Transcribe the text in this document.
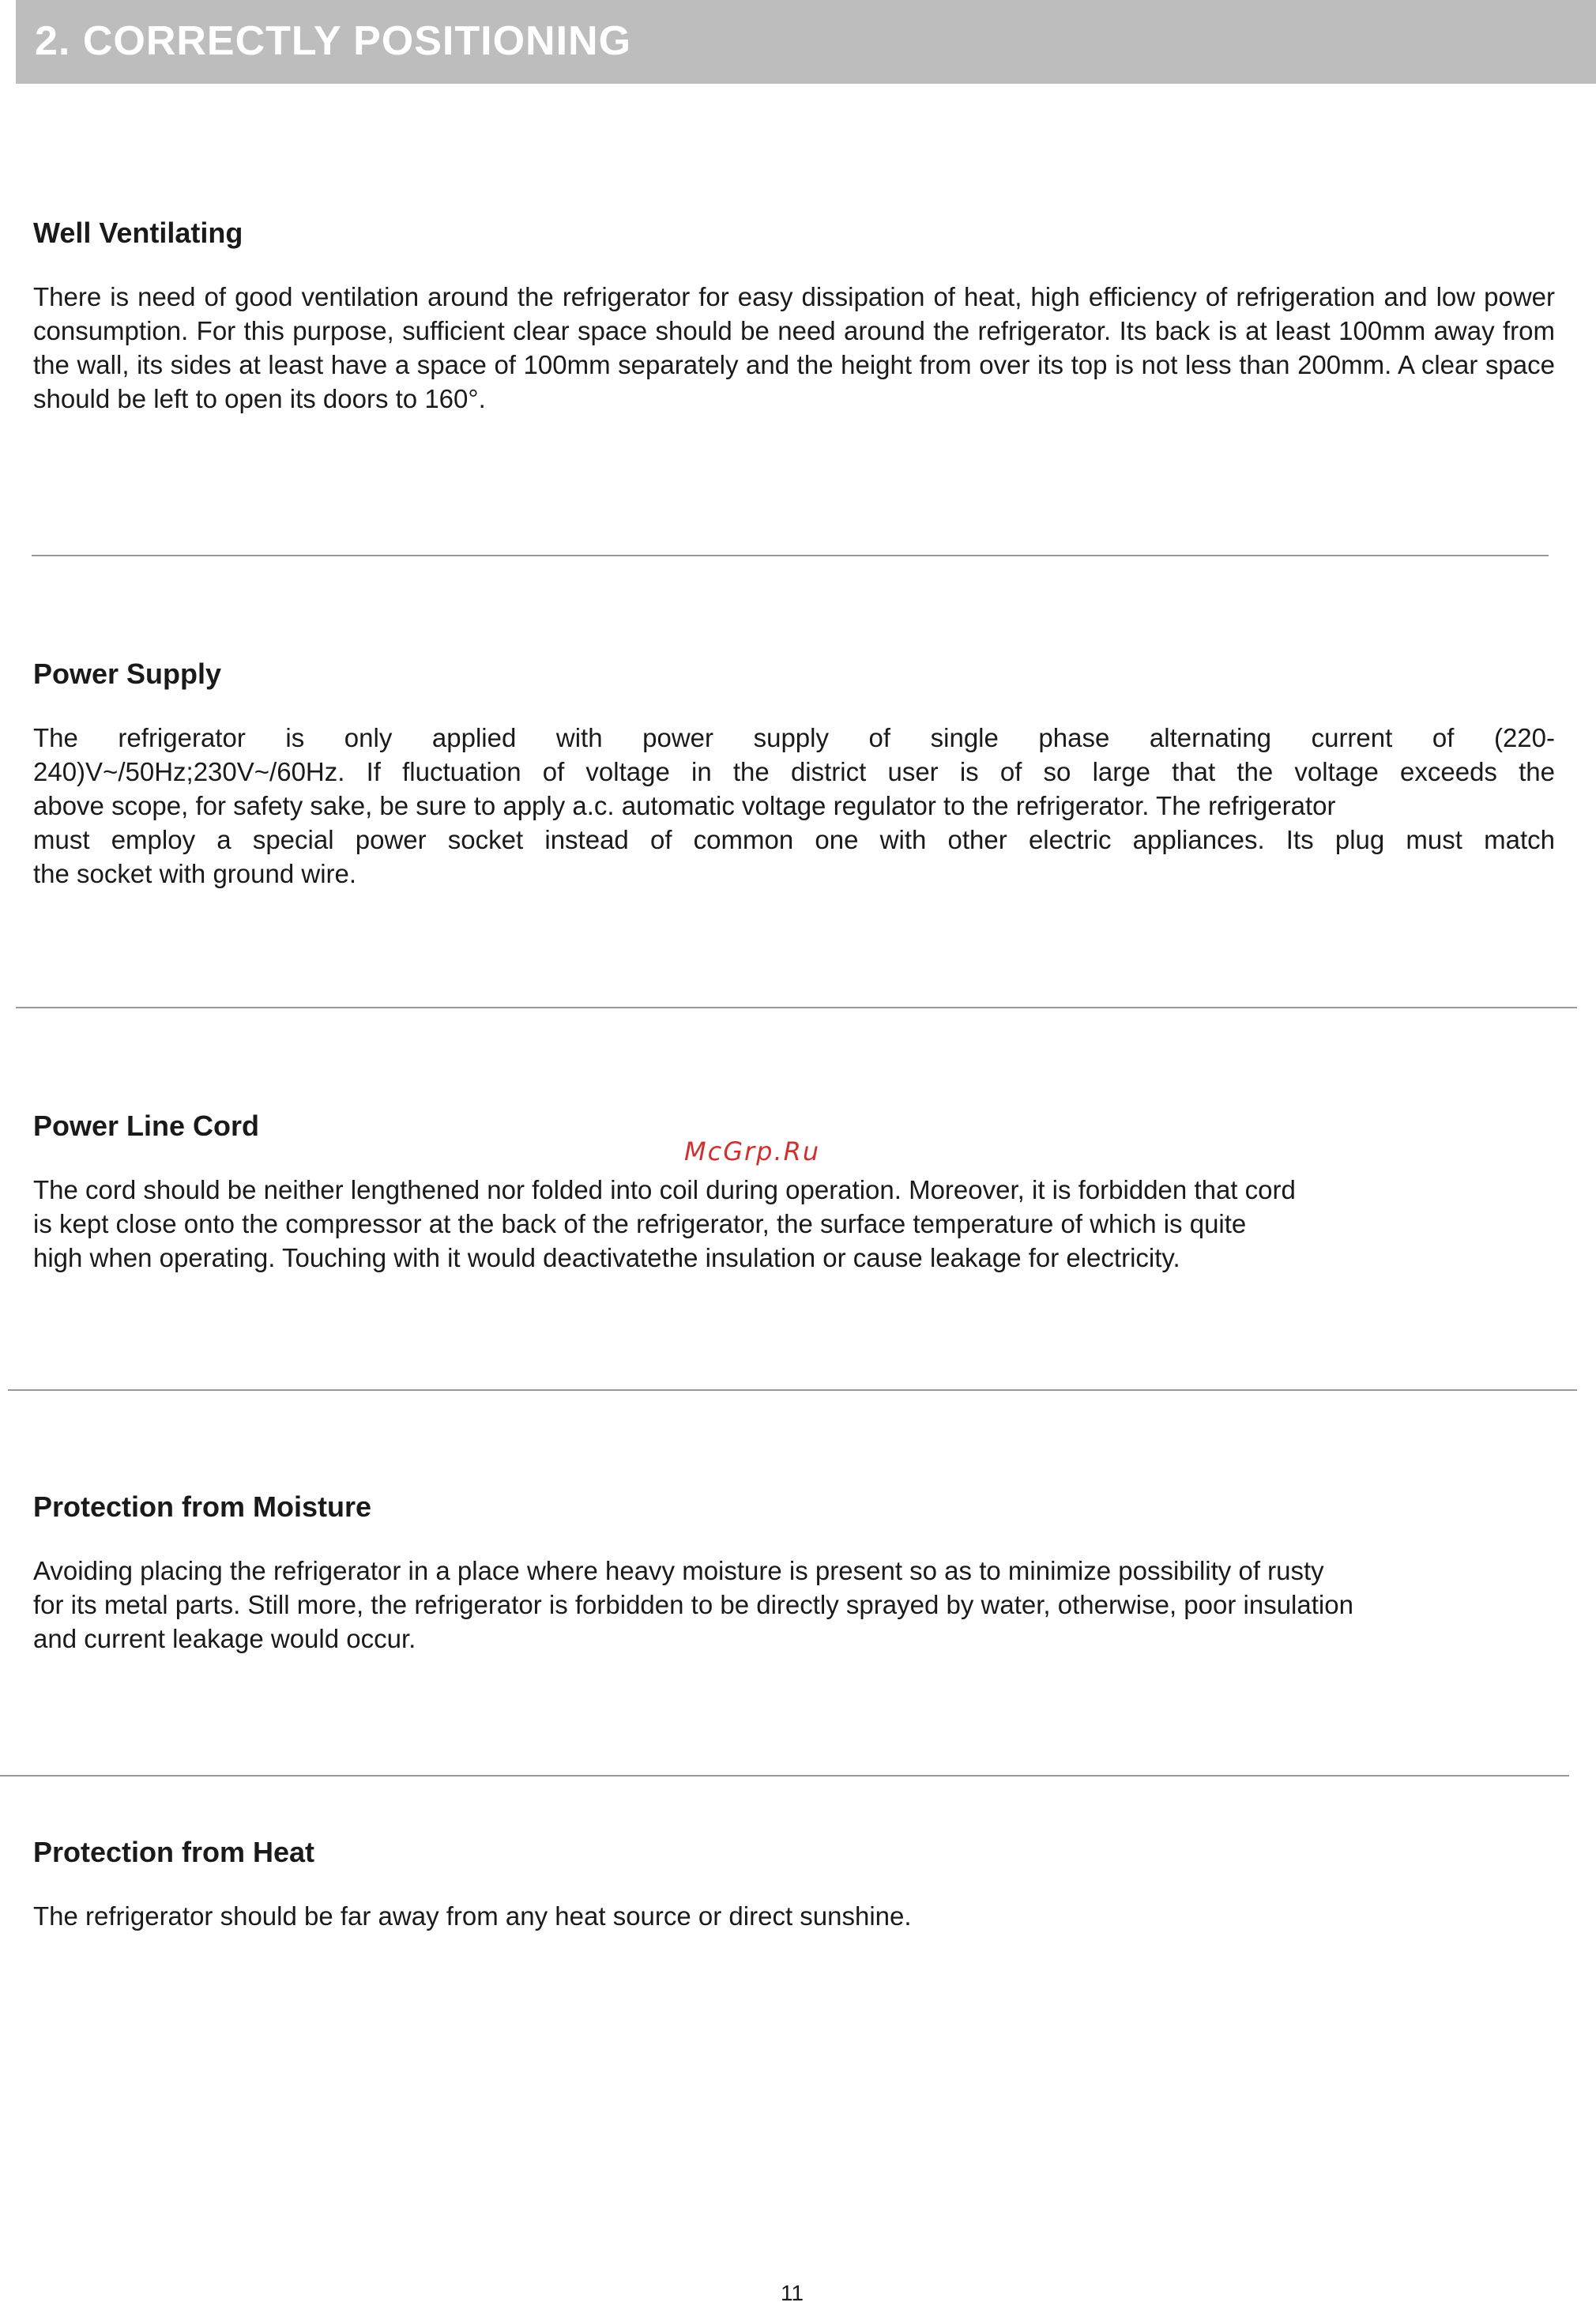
2. CORRECTLY POSITIONING
Well Ventilating

There is need of good ventilation around the refrigerator for easy dissipation of heat, high efficiency of refrigeration and low power consumption. For this purpose, sufficient clear space should be need around the refrigerator. Its back is at least 100mm away from the wall, its sides at least have a space of 100mm separately and the height from over its top is not less than 200mm. A clear space should be left to open its doors to 160°.

Power Supply

The refrigerator is only applied with power supply of single phase alternating current of (220-
240)V~/50Hz;230V~/60Hz. If fluctuation of voltage in the district user is of so large that the voltage exceeds the
above scope, for safety sake, be sure to apply a.c. automatic voltage regulator to the refrigerator. The refrigerator
must employ a special power socket instead of common one with other electric appliances. Its plug must match
the socket with ground wire.

Power Line Cord

The cord should be neither lengthened nor folded into coil during operation. Moreover, it is forbidden that cord
is kept close onto the compressor at the back of the refrigerator, the surface temperature of which is quite
high when operating. Touching with it would deactivatethe insulation or cause leakage for electricity.

McGrp.Ru
Protection from Moisture

Avoiding placing the refrigerator in a place where heavy moisture is present so as to minimize possibility of rusty
for its metal parts. Still more, the refrigerator is forbidden to be directly sprayed by water, otherwise, poor insulation
and current leakage would occur.

Protection from Heat

The refrigerator should be far away from any heat source or direct sunshine.

11
